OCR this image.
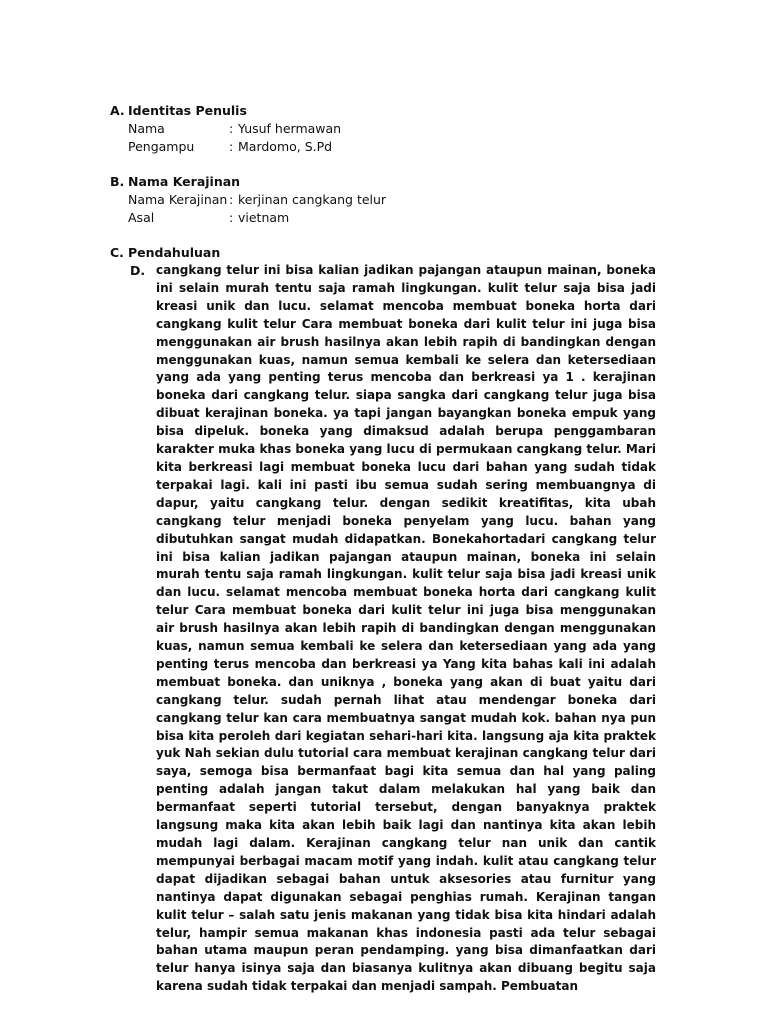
A. Identitas Penulis
Nama	: Yusuf hermawan
Pengampu	: Mardomo, S.Pd
B. Nama Kerajinan
Nama Kerajinan : kerjinan cangkang telur
Asal	: vietnam
C. Pendahuluan
D. cangkang telur ini bisa kalian jadikan pajangan ataupun mainan, boneka ini selain murah tentu saja ramah lingkungan. kulit telur saja bisa jadi kreasi unik dan lucu. selamat mencoba membuat boneka horta dari cangkang kulit telur Cara membuat boneka dari kulit telur ini juga bisa menggunakan air brush hasilnya akan lebih rapih di bandingkan dengan menggunakan kuas, namun semua kembali ke selera dan ketersediaan yang ada yang penting terus mencoba dan berkreasi ya 1 . kerajinan boneka dari cangkang telur. siapa sangka dari cangkang telur juga bisa dibuat kerajinan boneka. ya tapi jangan bayangkan boneka empuk yang bisa dipeluk. boneka yang dimaksud adalah berupa penggambaran karakter muka khas boneka yang lucu di permukaan cangkang telur. Mari kita berkreasi lagi membuat boneka lucu dari bahan yang sudah tidak terpakai lagi. kali ini pasti ibu semua sudah sering membuangnya di dapur, yaitu cangkang telur. dengan sedikit kreatifitas, kita ubah cangkang telur menjadi boneka penyelam yang lucu. bahan yang dibutuhkan sangat mudah didapatkan. Bonekahortadari cangkang telur ini bisa kalian jadikan pajangan ataupun mainan, boneka ini selain murah tentu saja ramah lingkungan. kulit telur saja bisa jadi kreasi unik dan lucu. selamat mencoba membuat boneka horta dari cangkang kulit telur Cara membuat boneka dari kulit telur ini juga bisa menggunakan air brush hasilnya akan lebih rapih di bandingkan dengan menggunakan kuas, namun semua kembali ke selera dan ketersediaan yang ada yang penting terus mencoba dan berkreasi ya Yang kita bahas kali ini adalah membuat boneka. dan uniknya , boneka yang akan di buat yaitu dari cangkang telur. sudah pernah lihat atau mendengar boneka dari cangkang telur kan cara membuatnya sangat mudah kok. bahan nya pun bisa kita peroleh dari kegiatan sehari-hari kita. langsung aja kita praktek yuk Nah sekian dulu tutorial cara membuat kerajinan cangkang telur dari saya, semoga bisa bermanfaat bagi kita semua dan hal yang paling penting adalah jangan takut dalam melakukan hal yang baik dan bermanfaat seperti tutorial tersebut, dengan banyaknya praktek langsung maka kita akan lebih baik lagi dan nantinya kita akan lebih mudah lagi dalam. Kerajinan cangkang telur nan unik dan cantik mempunyai berbagai macam motif yang indah. kulit atau cangkang telur dapat dijadikan sebagai bahan untuk aksesories atau furnitur yang nantinya dapat digunakan sebagai penghias rumah. Kerajinan tangan kulit telur – salah satu jenis makanan yang tidak bisa kita hindari adalah telur, hampir semua makanan khas indonesia pasti ada telur sebagai bahan utama maupun peran pendamping. yang bisa dimanfaatkan dari telur hanya isinya saja dan biasanya kulitnya akan dibuang begitu saja karena sudah tidak terpakai dan menjadi sampah. Pembuatan
